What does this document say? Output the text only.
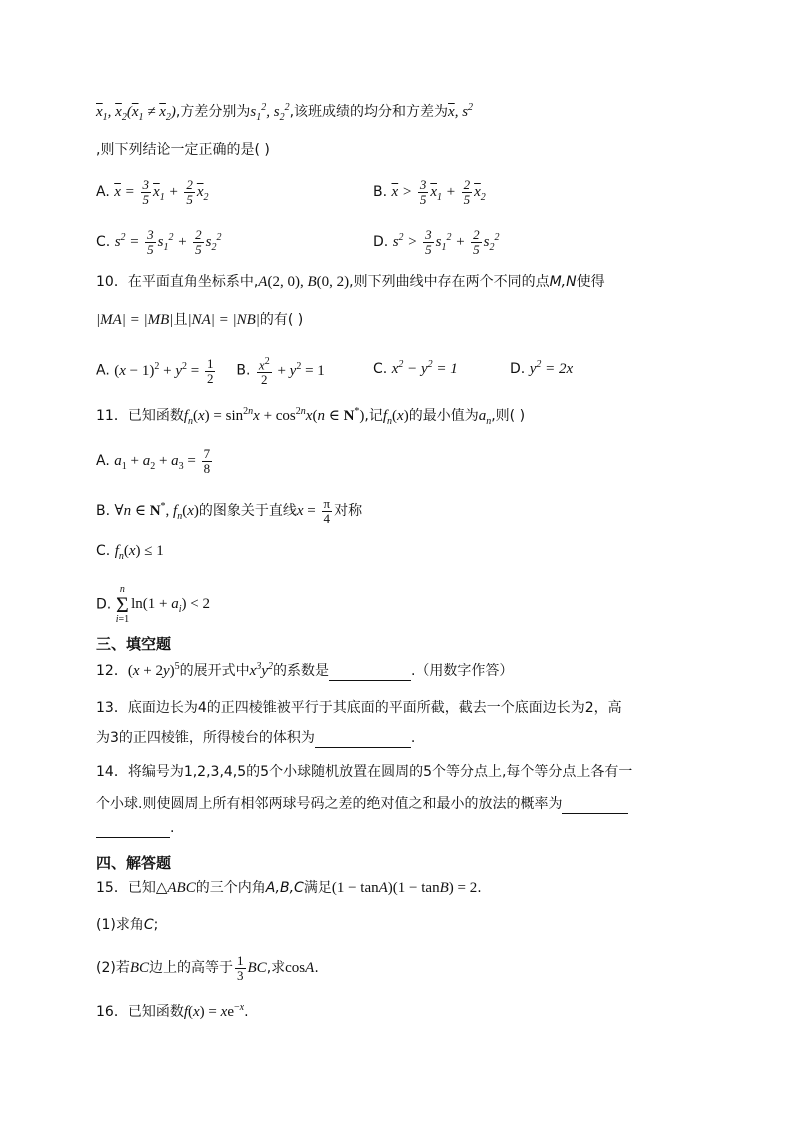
$\overline{x}_1$, $\overline{x}_2(\overline{x}_1 \ne \overline{x}_2)$,方差分别为$s_1^2$, $s_2^2$,该班成绩的均分和方差为$\overline{x}$, $s^2$
,则下列结论一定正确的是( )
A. $\overline{x} = \frac{3}{5} \overline{x}_1 + \frac{2}{5} \overline{x}_2$	B. $\overline{x} > \frac{3}{5} \overline{x}_1 + \frac{2}{5} \overline{x}_2$
C. $s^2 = \frac{3}{5} s_1^2 + \frac{2}{5} s_2^2$	D. $s^2 > \frac{3}{5} s_1^2 + \frac{2}{5} s_2^2$
10．在平面直角坐标系中,A(2, 0), B(0, 2),则下列曲线中存在两个不同的点M,N使得
|MA| = |MB|且|NA| = |NB|的有( )
A. $(x - 1)^2 + y^2 = \frac{1}{2} B$. $\frac{x^2}{2} + y^2 = 1$	C. $x^2 - y^2 = 1$	D. $y^2 = 2x$
11．已知函数$f_n(x) = \sin^{2n}x + \cos^{2n}x(n$ ∈ N*),记$f_n(x)$的最小值为$a_n$,则( )
A. $a_1 + a_2 + a_3 = \frac{7}{8}$
B. ∀n ∈ N*, $f_n(x)$的图象关于直线$x = \frac{\pi}{4}$ 对称
C. $f_n(x) \le 1$
D.
n
Σ
i=1
$\ln(1 + a_i) < 2$
三、填空题
12．$(x + 2y)^5$的展开式中$x^3y^2$的系数是	.（用数字作答）
13．底面边长为4的正四棱锥被平行于其底面的平面所截，截去一个底面边长为2，高
为3的正四棱锥，所得棱台的体积为	.
14．将编号为1,2,3,4,5的5个小球随机放置在圆周的5个等分点上,每个等分点上各有一
个小球.则使圆周上所有相邻两球号码之差的绝对值之和最小的放法的概率为
.
四、解答题
15．已知△ABC的三个内角A,B,C满足(1 − tanA)(1 − tanB) = 2.
(1)求角C;
(2)若BC边上的高等于 $\frac{1}{3}$ BC,求cosA.
16．已知函数$f(x) = xe^{-x}$.
